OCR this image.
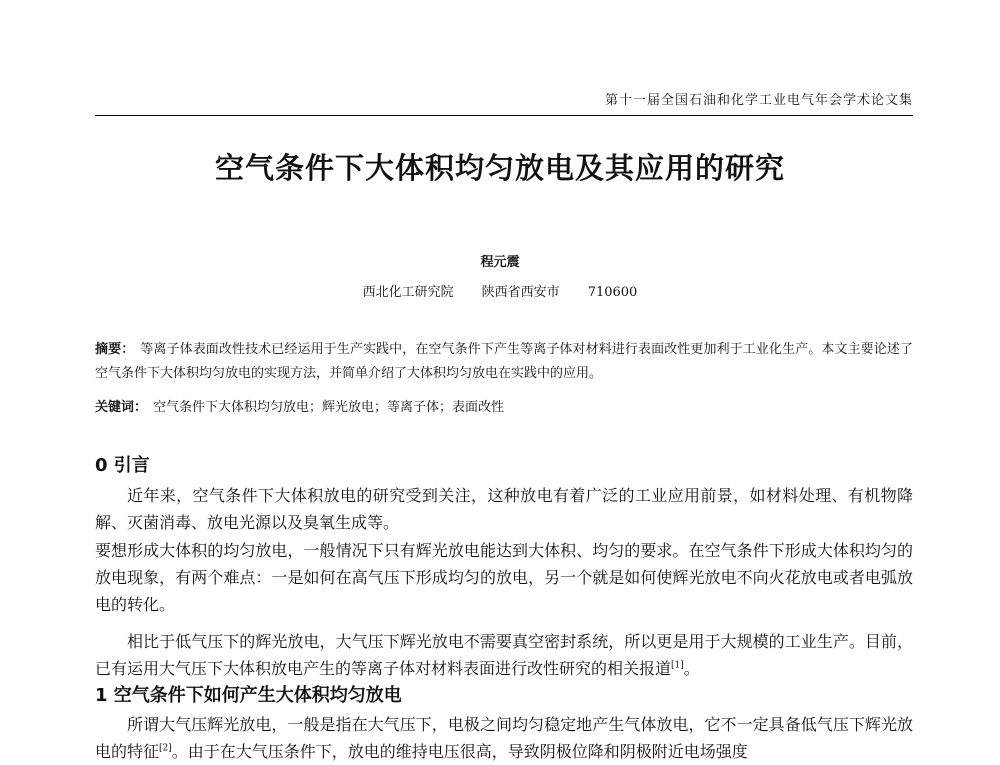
第十一届全国石油和化学工业电气年会学术论文集
空气条件下大体积均匀放电及其应用的研究
程元震
西北化工研究院 陕西省西安市 710600
摘要： 等离子体表面改性技术已经运用于生产实践中，在空气条件下产生等离子体对材料进行表面改性更加利于工业化生产。本文主要论述了空气条件下大体积均匀放电的实现方法，并简单介绍了大体积均匀放电在实践中的应用。
关键词： 空气条件下大体积均匀放电；辉光放电；等离子体；表面改性
0 引言
近年来，空气条件下大体积放电的研究受到关注，这种放电有着广泛的工业应用前景，如材料处理、有机物降解、灭菌消毒、放电光源以及臭氧生成等。
要想形成大体积的均匀放电，一般情况下只有辉光放电能达到大体积、均匀的要求。在空气条件下形成大体积均匀的放电现象，有两个难点：一是如何在高气压下形成均匀的放电，另一个就是如何使辉光放电不向火花放电或者电弧放电的转化。
相比于低气压下的辉光放电，大气压下辉光放电不需要真空密封系统，所以更是用于大规模的工业生产。目前，已有运用大气压下大体积放电产生的等离子体对材料表面进行改性研究的相关报道[1]。
1 空气条件下如何产生大体积均匀放电
所谓大气压辉光放电，一般是指在大气压下，电极之间均匀稳定地产生气体放电，它不一定具备低气压下辉光放电的特征[2]。由于在大气压条件下，放电的维持电压很高，导致阴极位降和阴极附近电场强度
